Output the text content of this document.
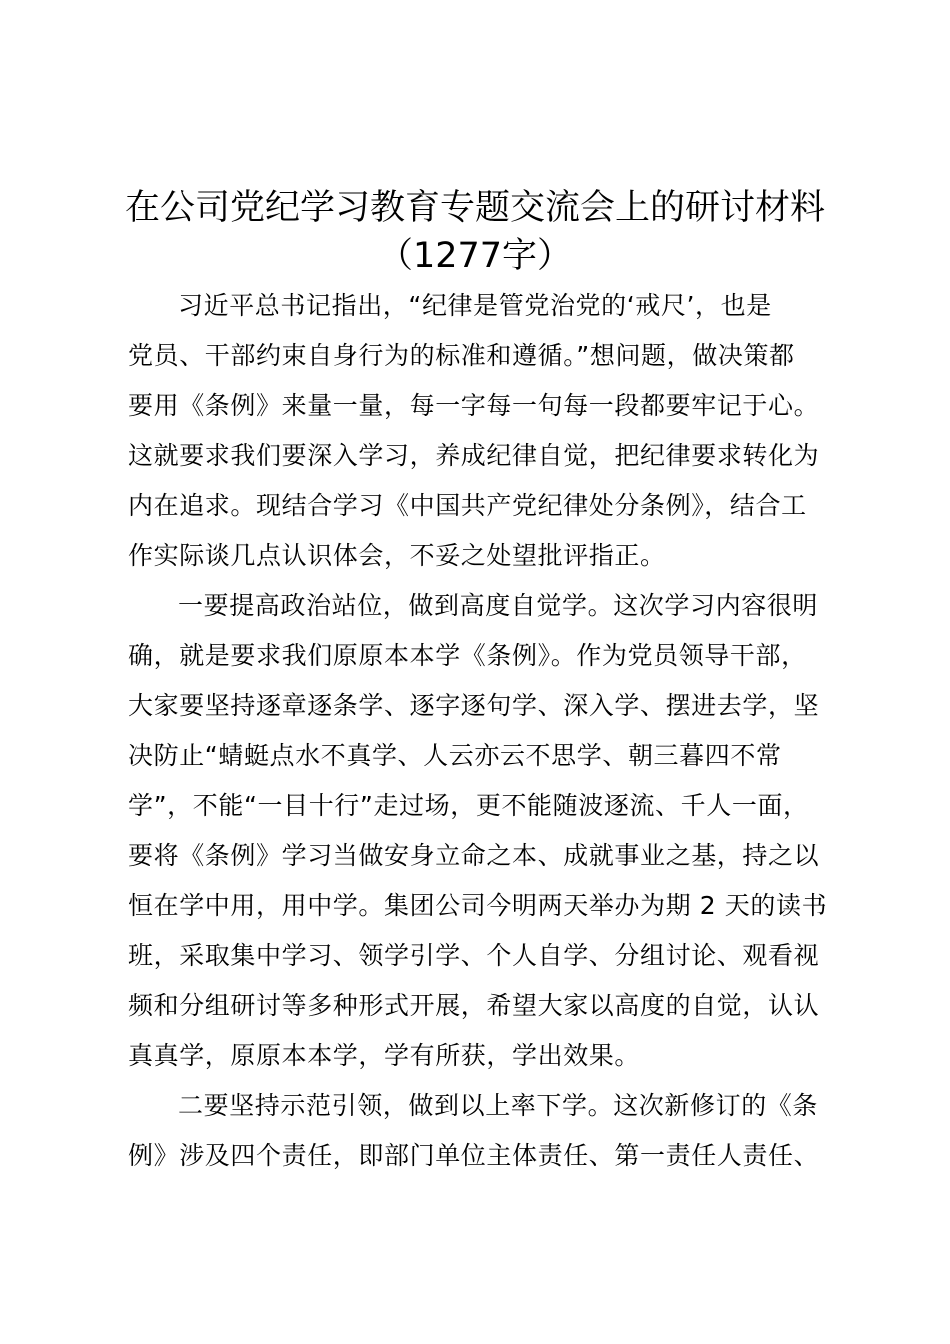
在公司党纪学习教育专题交流会上的研讨材料
（1277字）
习近平总书记指出，“纪律是管党治党的‘戒尺’，也是
党员、干部约束自身行为的标准和遵循。”想问题，做决策都
要用《条例》来量一量，每一字每一句每一段都要牢记于心。
这就要求我们要深入学习，养成纪律自觉，把纪律要求转化为
内在追求。现结合学习《中国共产党纪律处分条例》，结合工
作实际谈几点认识体会，不妥之处望批评指正。
一要提高政治站位，做到高度自觉学。这次学习内容很明
确，就是要求我们原原本本学《条例》。作为党员领导干部，
大家要坚持逐章逐条学、逐字逐句学、深入学、摆进去学，坚
决防止“蜻蜓点水不真学、人云亦云不思学、朝三暮四不常
学”，不能“一目十行”走过场，更不能随波逐流、千人一面，
要将《条例》学习当做安身立命之本、成就事业之基，持之以
恒在学中用，用中学。集团公司今明两天举办为期 2 天的读书
班，采取集中学习、领学引学、个人自学、分组讨论、观看视
频和分组研讨等多种形式开展，希望大家以高度的自觉，认认
真真学，原原本本学，学有所获，学出效果。
二要坚持示范引领，做到以上率下学。这次新修订的《条
例》涉及四个责任，即部门单位主体责任、第一责任人责任、
